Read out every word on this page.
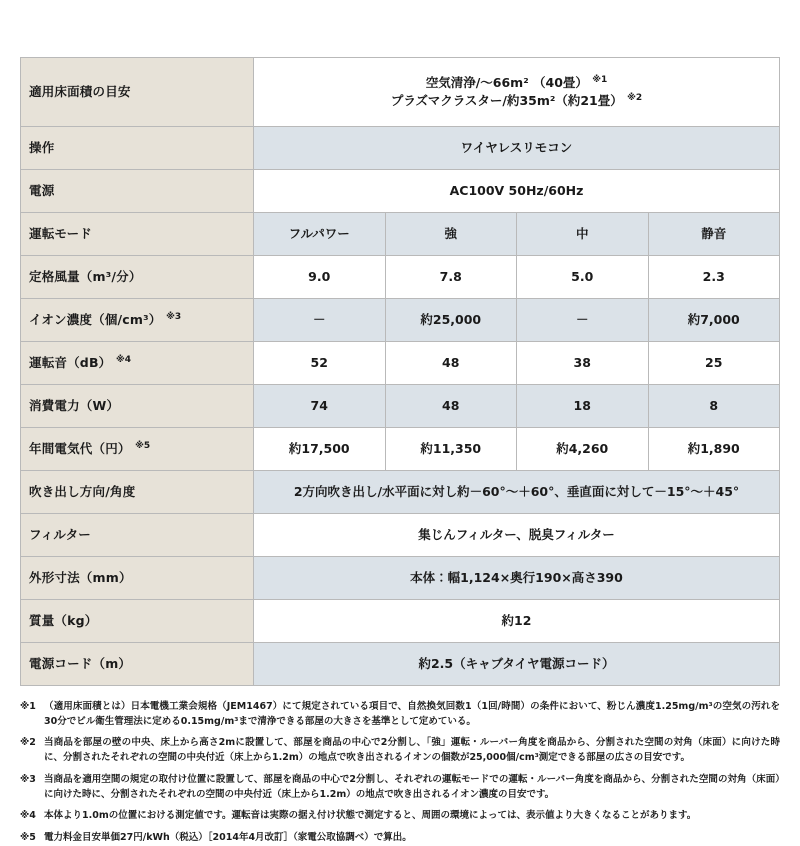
適用床面積の目安	空気清浄/～66m² （40畳） $^{※1}$
プラズマクラスター/約35m²（約21畳） $^{※2}$

操作	ワイヤレスリモコン			

電源	AC100V 50Hz/60Hz			

運転モード	フルパワー	強	中	静音
定格風量（m³/分）	9.0	7.8	5.0	2.3
イオン濃度（個/cm³） $^{※3}$	－	約25,000	－	約7,000
運転音（dB） $^{※4}$	52	48	38	25
消費電力（W）	74	48	18	8
年間電気代（円） $^{※5}$	約17,500	約11,350	約4,260	約1,890
吹き出し方向/角度	2方向吹き出し/水平面に対し約－60°～＋60°、垂直面に対して－15°～＋45°			

フィルター	集じんフィルター、脱臭フィルター			

外形寸法（mm）	本体：幅1,124×奥行190×高さ390			

質量（kg）	約12			

電源コード（m）	約2.5（キャブタイヤ電源コード）			
※1 （適用床面積とは）日本電機工業会規格（JEM1467）にて規定されている項目で、自然換気回数1（1回/時間）の条件において、粉じん濃度1.25mg/m³の空気の汚れを30分でビル衛生管理法に定める0.15mg/m³まで清浄できる部屋の大きさを基準として定めている。
※2 当商品を部屋の壁の中央、床上から高さ2mに設置して、部屋を商品の中心で2分割し、「強」運転・ルーバー角度を商品から、分割された空間の対角（床面）に向けた時に、分割されたそれぞれの空間の中央付近（床上から1.2m）の地点で吹き出されるイオンの個数が25,000個/cm³測定できる部屋の広さの目安です。
※3 当商品を適用空間の規定の取付け位置に設置して、部屋を商品の中心で2分割し、それぞれの運転モードでの運転・ルーバー角度を商品から、分割された空間の対角（床面）に向けた時に、分割されたそれぞれの空間の中央付近（床上から1.2m）の地点で吹き出されるイオン濃度の目安です。
※4 本体より1.0mの位置における測定値です。運転音は実際の据え付け状態で測定すると、周囲の環境によっては、表示値より大きくなることがあります。
※5 電力料金目安単価27円/kWh（税込）［2014年4月改訂］（家電公取協調べ）で算出。
